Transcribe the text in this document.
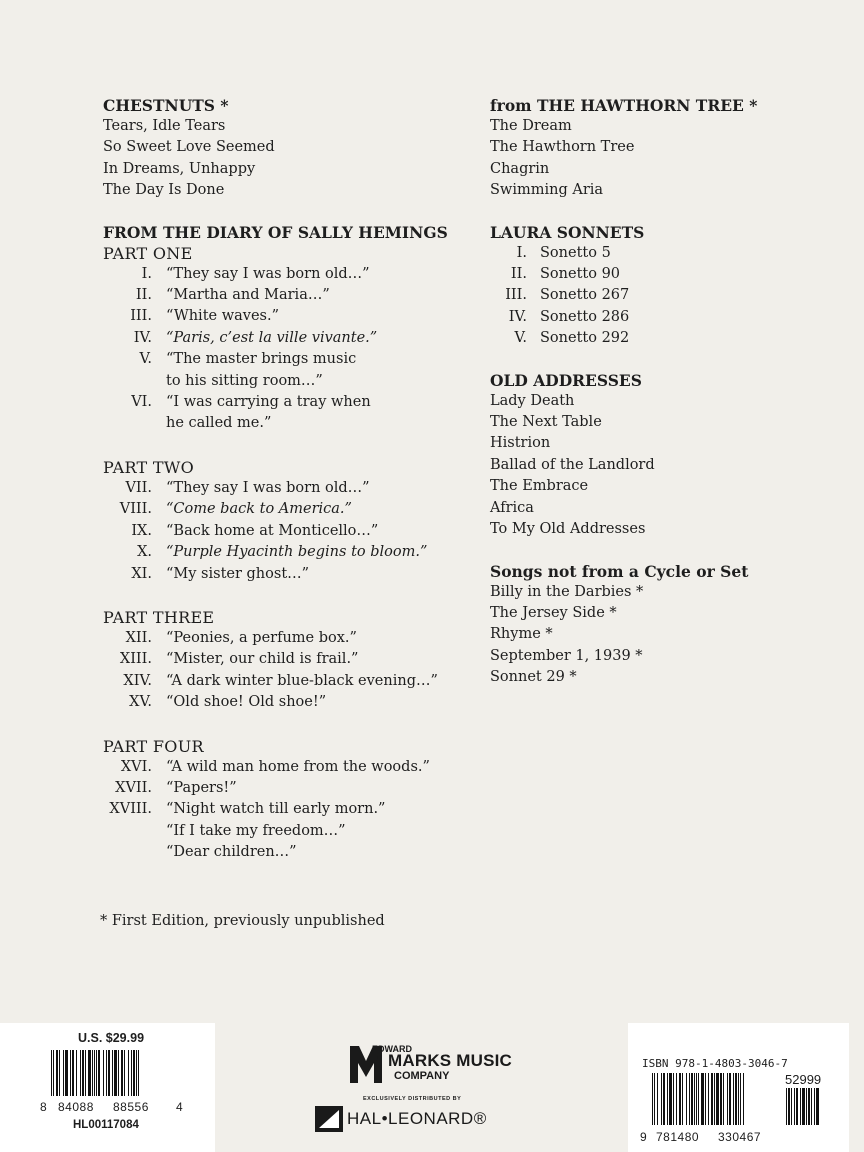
CHESTNUTS *
Tears, Idle Tears
So Sweet Love Seemed
In Dreams, Unhappy
The Day Is Done
FROM THE DIARY OF SALLY HEMINGS
PART ONE
I. “They say I was born old…”
II. “Martha and Maria…”
III. “White waves.”
IV. “Paris, c’est la ville vivante.”
V. “The master brings music
to his sitting room…”
VI. “I was carrying a tray when
he called me.”
PART TWO
VII. “They say I was born old…”
VIII. “Come back to America.”
IX. “Back home at Monticello…”
X. “Purple Hyacinth begins to bloom.”
XI. “My sister ghost…”
PART THREE
XII. “Peonies, a perfume box.”
XIII. “Mister, our child is frail.”
XIV. “A dark winter blue-black evening…”
XV. “Old shoe! Old shoe!”
PART FOUR
XVI. “A wild man home from the woods.”
XVII. “Papers!”
XVIII. “Night watch till early morn.”
“If I take my freedom…”
“Dear children…”
from THE HAWTHORN TREE *
The Dream
The Hawthorn Tree
Chagrin
Swimming Aria
LAURA SONNETS
I. Sonetto 5
II. Sonetto 90
III. Sonetto 267
IV. Sonetto 286
V. Sonetto 292
OLD ADDRESSES
Lady Death
The Next Table
Histrion
Ballad of the Landlord
The Embrace
Africa
To My Old Addresses
Songs not from a Cycle or Set
Billy in the Darbies *
The Jersey Side *
Rhyme *
September 1, 1939 *
Sonnet 29 *
* First Edition, previously unpublished
U.S. $29.99
8 84088 88556 4
HL00117084
EDWARD B. MARKS MUSIC
COMPANY
EXCLUSIVELY DISTRIBUTED BY
HAL•LEONARD®
ISBN 978-1-4803-3046-7
52999
9 781480 330467
